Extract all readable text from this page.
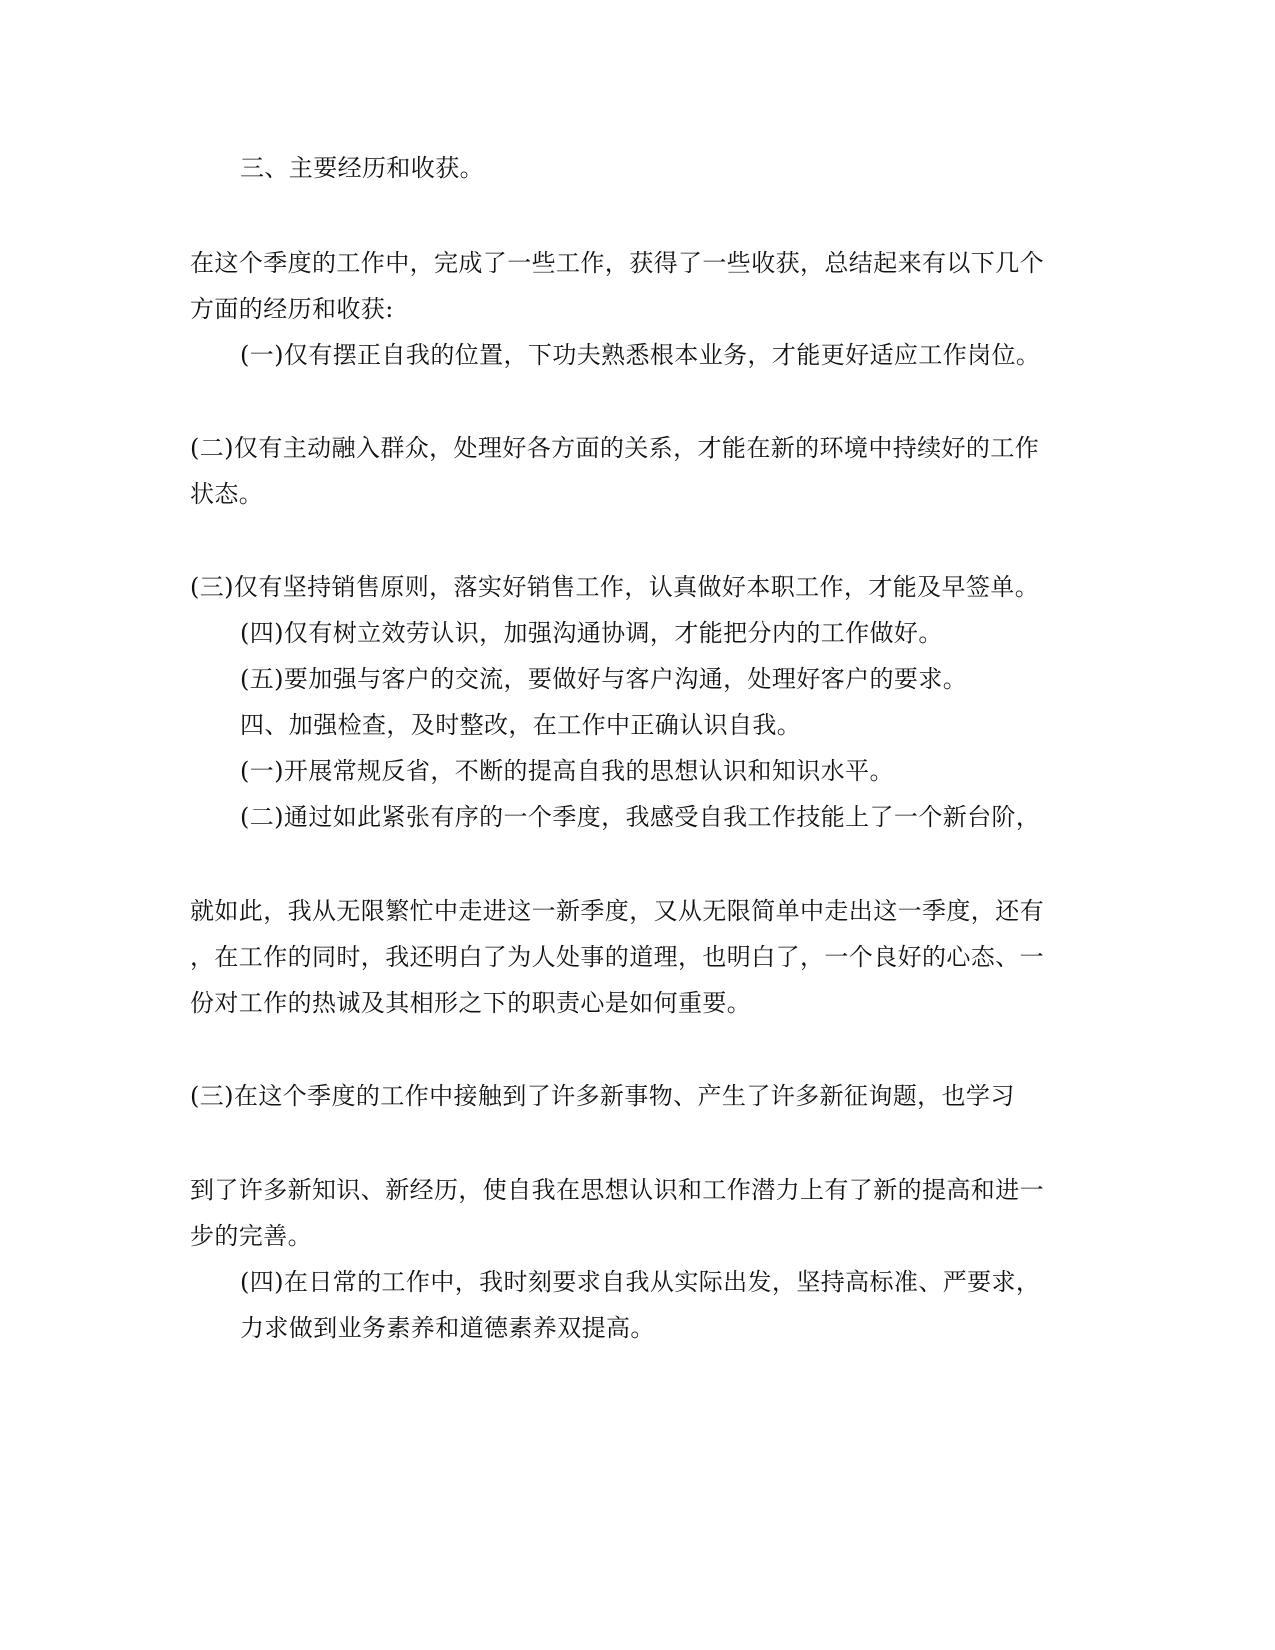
三、主要经历和收获。
在这个季度的工作中，完成了一些工作，获得了一些收获，总结起来有以下几个
方面的经历和收获:
(一)仅有摆正自我的位置，下功夫熟悉根本业务，才能更好适应工作岗位。
(二)仅有主动融入群众，处理好各方面的关系，才能在新的环境中持续好的工作
状态。
(三)仅有坚持销售原则，落实好销售工作，认真做好本职工作，才能及早签单。
(四)仅有树立效劳认识，加强沟通协调，才能把分内的工作做好。
(五)要加强与客户的交流，要做好与客户沟通，处理好客户的要求。
四、加强检查，及时整改，在工作中正确认识自我。
(一)开展常规反省，不断的提高自我的思想认识和知识水平。
(二)通过如此紧张有序的一个季度，我感受自我工作技能上了一个新台阶，
就如此，我从无限繁忙中走进这一新季度，又从无限简单中走出这一季度，还有
，在工作的同时，我还明白了为人处事的道理，也明白了，一个良好的心态、一
份对工作的热诚及其相形之下的职责心是如何重要。
(三)在这个季度的工作中接触到了许多新事物、产生了许多新征询题，也学习
到了许多新知识、新经历，使自我在思想认识和工作潜力上有了新的提高和进一
步的完善。
(四)在日常的工作中，我时刻要求自我从实际出发，坚持高标准、严要求，
力求做到业务素养和道德素养双提高。
